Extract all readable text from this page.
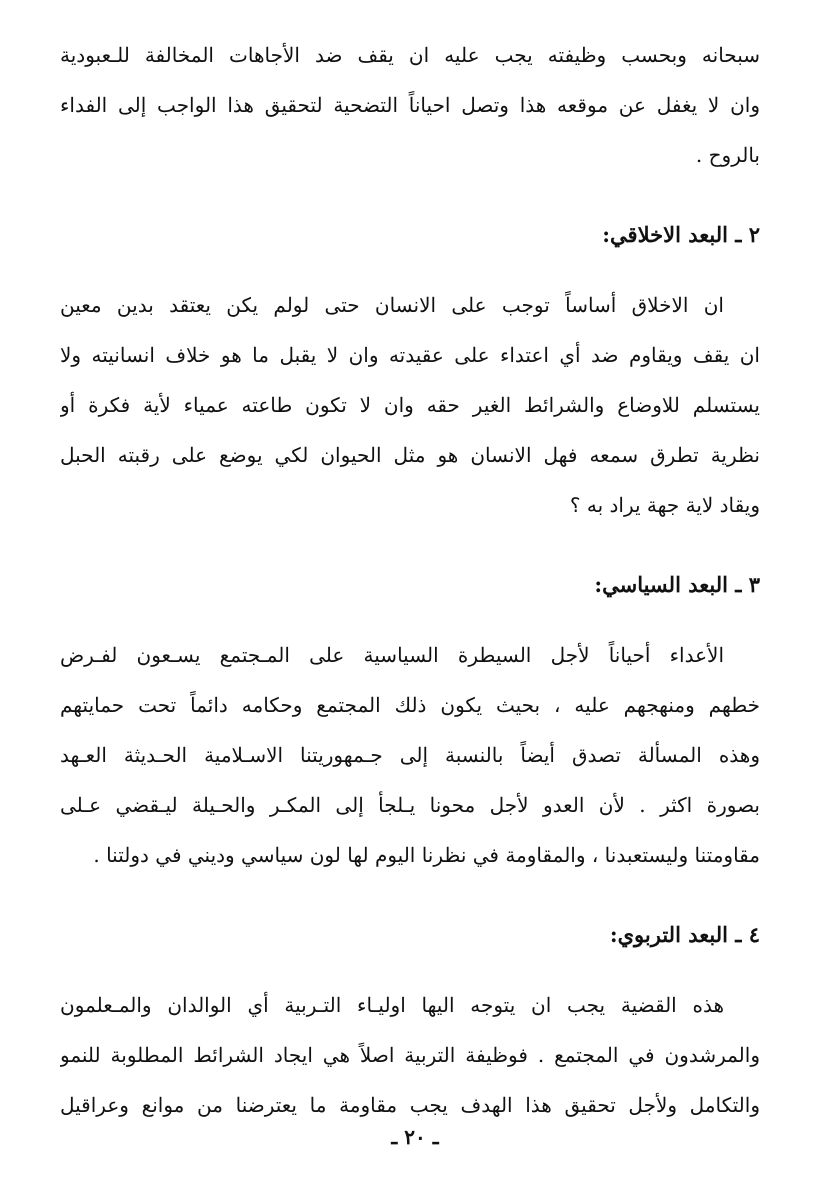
سبحانه وبحسب وظيفته يجب عليه ان يقف ضد الأجاهات المخالفة للـعبودية
وان لا يغفل عن موقعه هذا وتصل احياناً التضحية لتحقيق هذا الواجب إلى الفداء
بالروح .
٢ ـ البعد الاخلاقي:
ان الاخلاق أساساً توجب على الانسان حتى لولم يكن يعتقد بدين معين
ان يقف ويقاوم ضد أي اعتداء على عقيدته وان لا يقبل ما هو خلاف انسانيته ولا
يستسلم للاوضاع والشرائط الغير حقه وان لا تكون طاعته عمياء لأية فكرة أو
نظرية تطرق سمعه فهل الانسان هو مثل الحيوان لكي يوضع على رقبته الحبل
ويقاد لاية جهة يراد به ؟
٣ ـ البعد السياسي:
الأعداء أحياناً لأجل السيطرة السياسية على المـجتمع يسـعون لفـرض
خطهم ومنهجهم عليه ، بحيث يكون ذلك المجتمع وحكامه دائماً تحت حمايتهم
وهذه المسألة تصدق أيضاً بالنسبة إلى جـمهوريتنا الاسـلامية الحـديثة العـهد
بصورة اكثر . لأن العدو لأجل محونا يـلجأ إلى المكـر والحـيلة ليـقضي عـلى
مقاومتنا وليستعبدنا ، والمقاومة في نظرنا اليوم لها لون سياسي وديني في دولتنا .
٤ ـ البعد التربوي:
هذه القضية يجب ان يتوجه اليها اوليـاء التـربية أي الوالدان والمـعلمون
والمرشدون في المجتمع . فوظيفة التربية اصلاً هي ايجاد الشرائط المطلوبة للنمو
والتكامل ولأجل تحقيق هذا الهدف يجب مقاومة ما يعترضنا من موانع وعراقيل
ـ ٢٠ ـ
